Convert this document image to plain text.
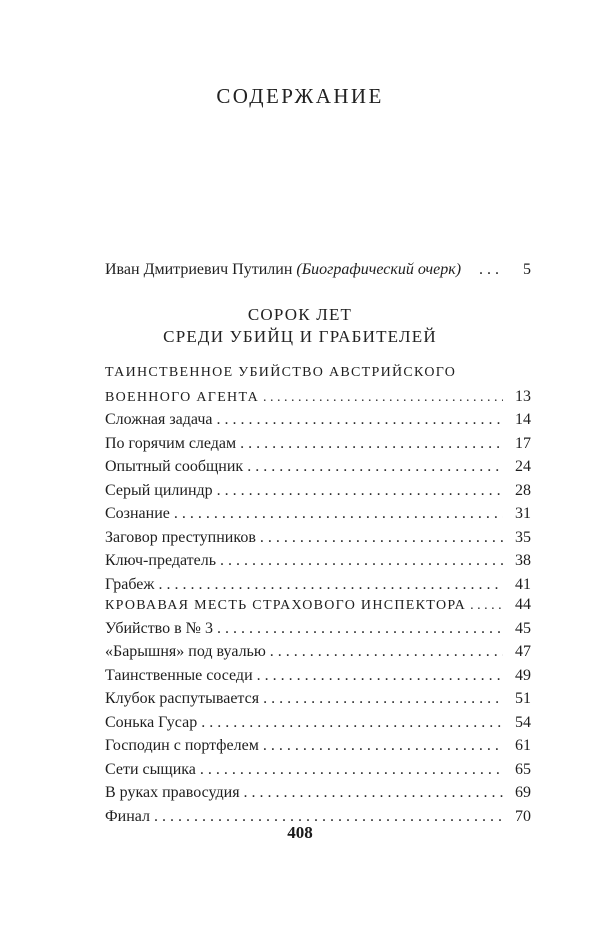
СОДЕРЖАНИЕ
Иван Дмитриевич Путилин (Биографический очерк) . . .	5
СОРОК ЛЕТ
СРЕДИ УБИЙЦ И ГРАБИТЕЛЕЙ
ТАИНСТВЕННОЕ УБИЙСТВО АВСТРИЙСКОГО
ВОЕННОГО АГЕНТА . . .	13
Сложная задача . . .	14
По горячим следам . . .	17
Опытный сообщник . . .	24
Серый цилиндр . . .	28
Сознание . . .	31
Заговор преступников . . .	35
Ключ-предатель . . .	38
Грабеж . . .	41
КРОВАВАЯ МЕСТЬ СТРАХОВОГО ИНСПЕКТОРА . . .	44
Убийство в № 3 . . .	45
«Барышня» под вуалью . . .	47
Таинственные соседи . . .	49
Клубок распутывается . . .	51
Сонька Гусар . . .	54
Господин с портфелем . . .	61
Сети сыщика . . .	65
В руках правосудия . . .	69
Финал . . .	70
408
